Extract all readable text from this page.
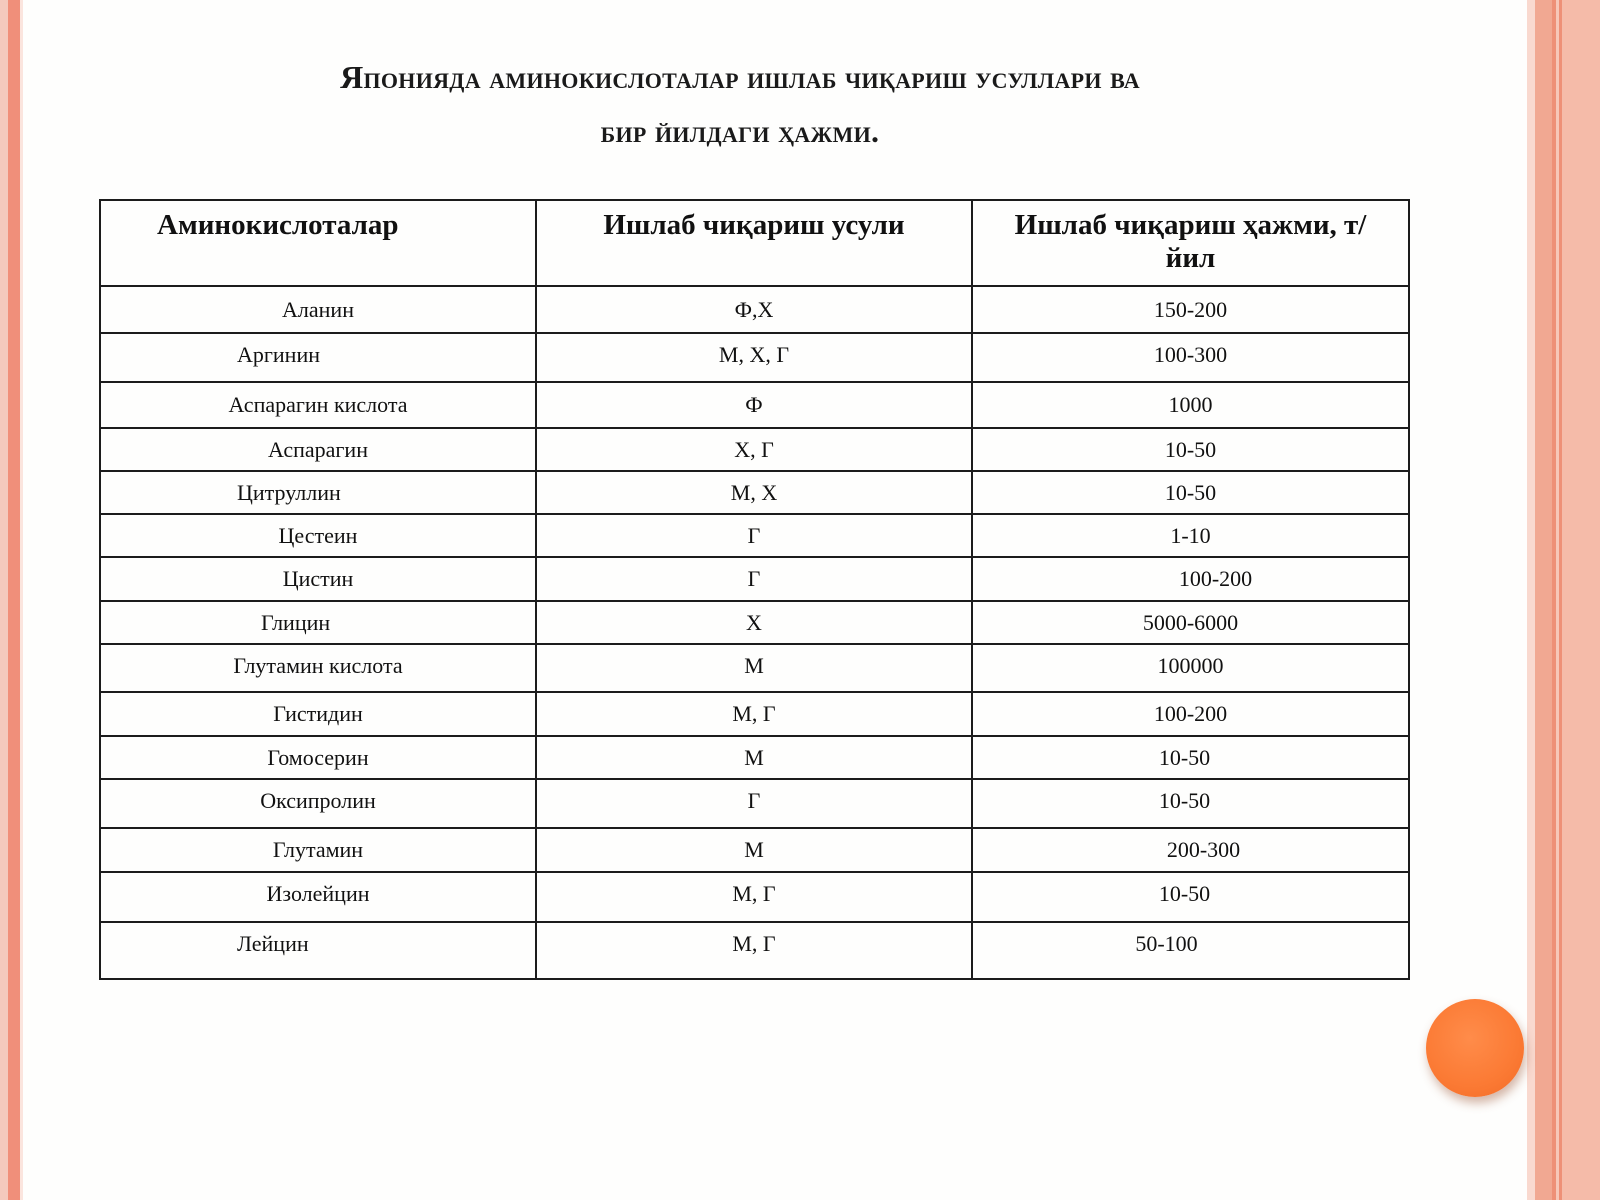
Японияда аминокислоталар ишлаб чиқариш усуллари ва
бир йилдаги ҳажми.
Аминокислоталар	Ишлаб чиқариш усули	Ишлаб чиқариш ҳажми, т/йил
Аланин	Ф,Х	150-200
Аргинин	М, Х, Г	100-300
Аспарагин кислота	Ф	1000
Аспарагин	Х, Г	10-50
Цитруллин	М, Х	10-50
Цестеин	Г	1-10
Цистин	Г	100-200
Глицин	Х	5000-6000
Глутамин кислота	М	100000
Гистидин	М, Г	100-200
Гомосерин	М	10-50
Оксипролин	Г	10-50
Глутамин	М	200-300
Изолейцин	М, Г	10-50
Лейцин	М, Г	50-100
